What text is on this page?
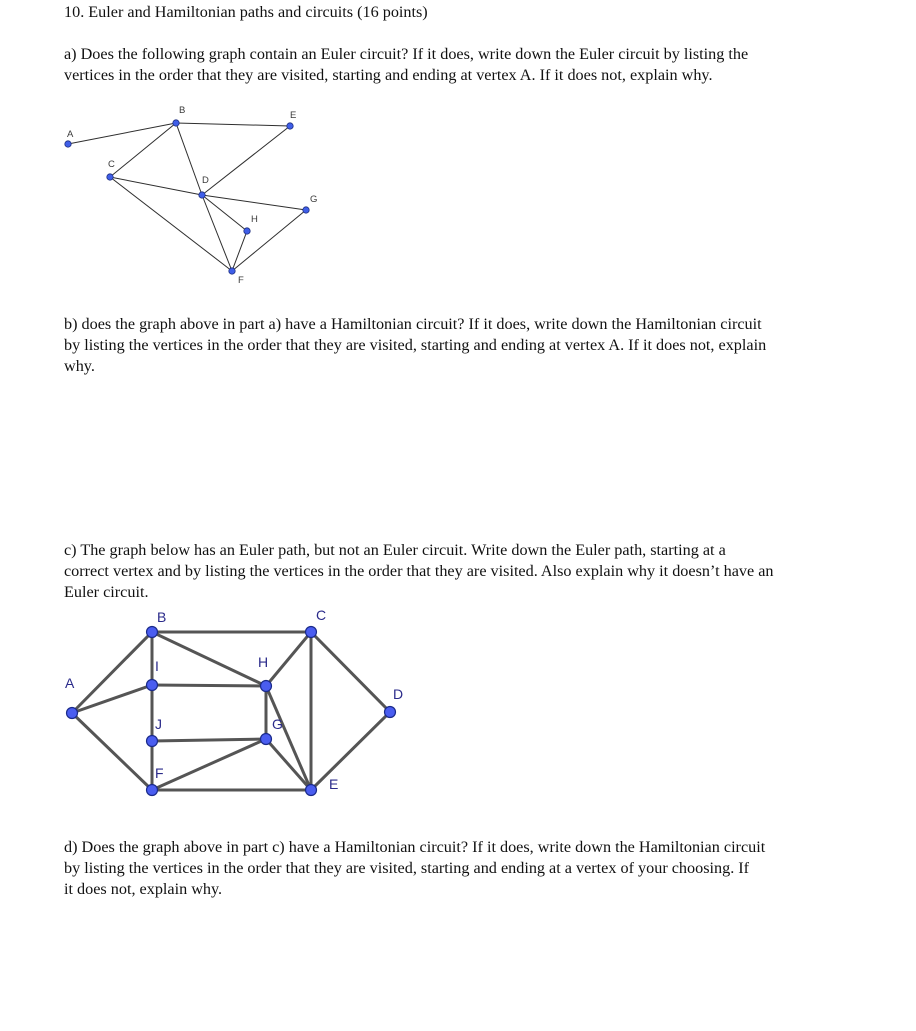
10. Euler and Hamiltonian paths and circuits (16 points)
a) Does the following graph contain an Euler circuit? If it does, write down the Euler circuit by listing the
vertices in the order that they are visited, starting and ending at vertex A. If it does not, explain why.
A
B
C
D
E
F
G
H
b) does the graph above in part a) have a Hamiltonian circuit? If it does, write down the Hamiltonian circuit
by listing the vertices in the order that they are visited, starting and ending at vertex A. If it does not, explain
why.
c) The graph below has an Euler path, but not an Euler circuit. Write down the Euler path, starting at a
correct vertex and by listing the vertices in the order that they are visited. Also explain why it doesn’t have an
Euler circuit.
A
B	C
D
E
F
G
H
I
J
d) Does the graph above in part c) have a Hamiltonian circuit? If it does, write down the Hamiltonian circuit
by listing the vertices in the order that they are visited, starting and ending at a vertex of your choosing. If
it does not, explain why.
